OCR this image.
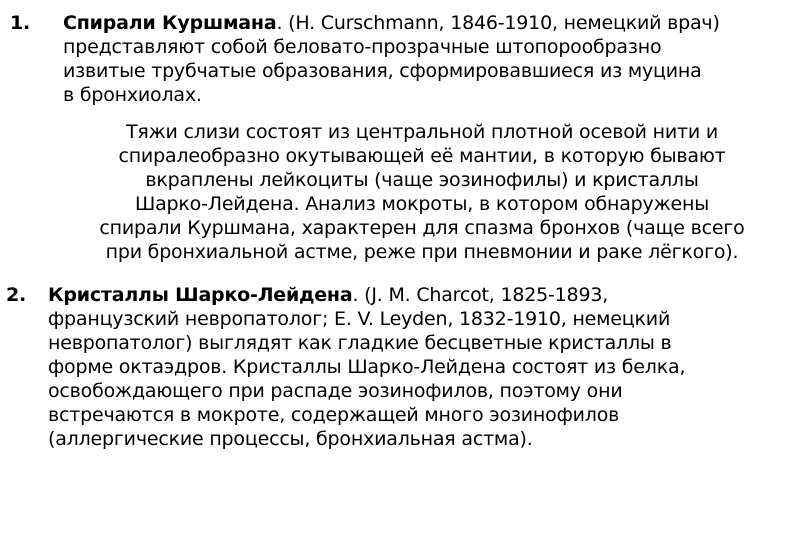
1. Спирали Куршмана. (H. Curschmann, 1846-1910, немецкий врач)
представляют собой беловато-прозрачные штопорообразно
извитые трубчатые образования, сформировавшиеся из муцина
в бронхиолах.
Тяжи слизи состоят из центральной плотной осевой нити и
спиралеобразно окутывающей её мантии, в которую бывают
вкраплены лейкоциты (чаще эозинофилы) и кристаллы
Шарко-Лейдена. Анализ мокроты, в котором обнаружены
спирали Куршмана, характерен для спазма бронхов (чаще всего
при бронхиальной астме, реже при пневмонии и раке лёгкого).
2. Кристаллы Шарко-Лейдена. (J. M. Charcot, 1825-1893,
французский невропатолог; E. V. Leyden, 1832-1910, немецкий
невропатолог) выглядят как гладкие бесцветные кристаллы в
форме октаэдров. Кристаллы Шарко-Лейдена состоят из белка,
освобождающего при распаде эозинофилов, поэтому они
встречаются в мокроте, содержащей много эозинофилов
(аллергические процессы, бронхиальная астма).
